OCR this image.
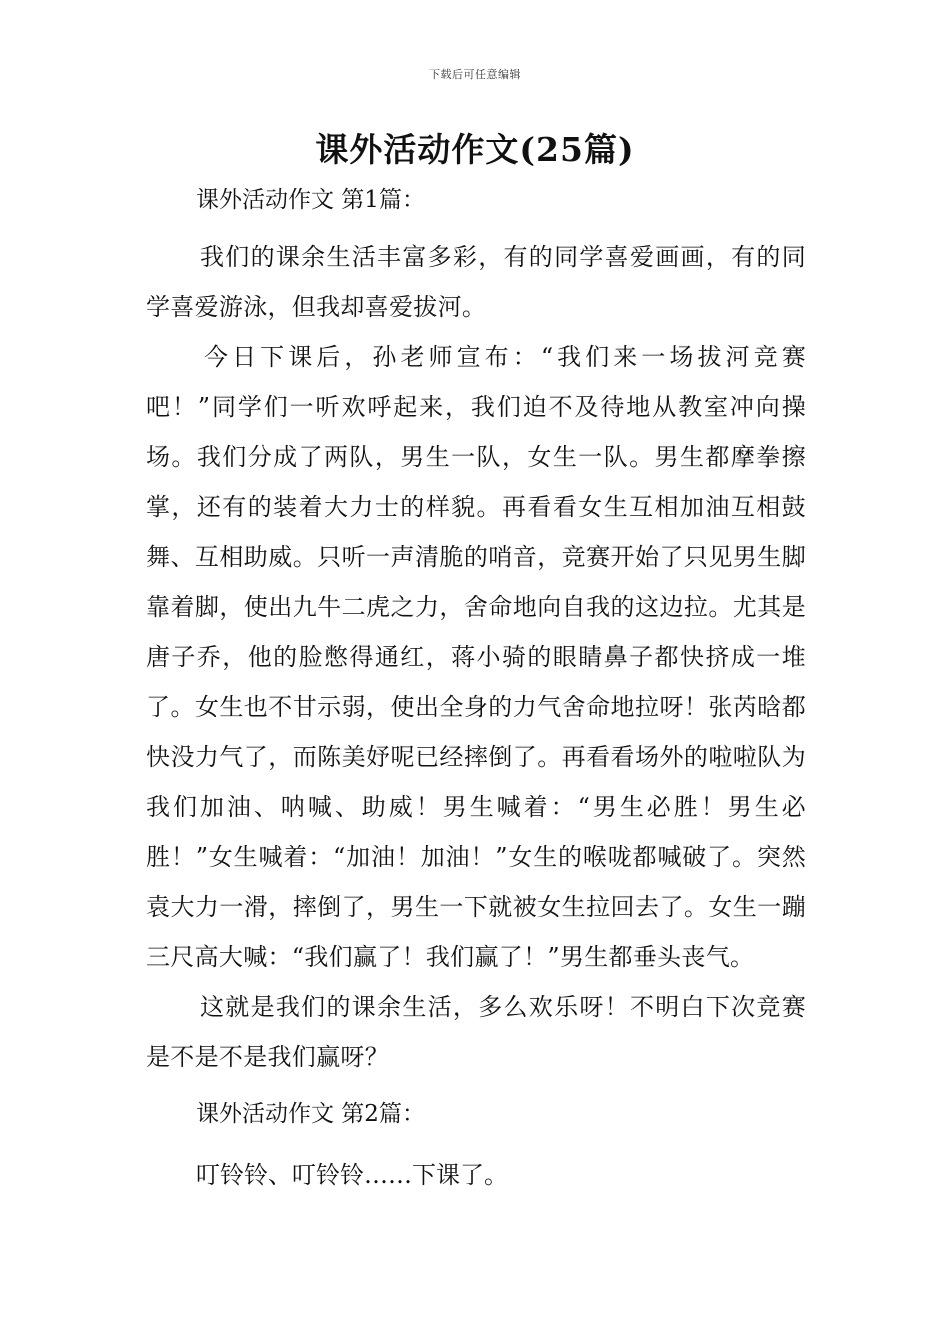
下载后可任意编辑
课外活动作文(25篇)
课外活动作文 第1篇：

我们的课余生活丰富多彩，有的同学喜爱画画，有的同学喜爱游泳，但我却喜爱拔河。

今日下课后，孙老师宣布：“我们来一场拔河竞赛吧！”同学们一听欢呼起来，我们迫不及待地从教室冲向操场。我们分成了两队，男生一队，女生一队。男生都摩拳擦掌，还有的装着大力士的样貌。再看看女生互相加油互相鼓舞、互相助威。只听一声清脆的哨音，竞赛开始了只见男生脚靠着脚，使出九牛二虎之力，舍命地向自我的这边拉。尤其是唐子乔，他的脸憋得通红，蒋小骑的眼睛鼻子都快挤成一堆了。女生也不甘示弱，使出全身的力气舍命地拉呀！张芮晗都快没力气了，而陈美妤呢已经摔倒了。再看看场外的啦啦队为我们加油、呐喊、助威！男生喊着：“男生必胜！男生必胜！”女生喊着：“加油！加油！”女生的喉咙都喊破了。突然袁大力一滑，摔倒了，男生一下就被女生拉回去了。女生一蹦三尺高大喊：“我们赢了！我们赢了！”男生都垂头丧气。

这就是我们的课余生活，多么欢乐呀！不明白下次竞赛是不是不是我们赢呀？

课外活动作文 第2篇：
叮铃铃、叮铃铃……下课了。
